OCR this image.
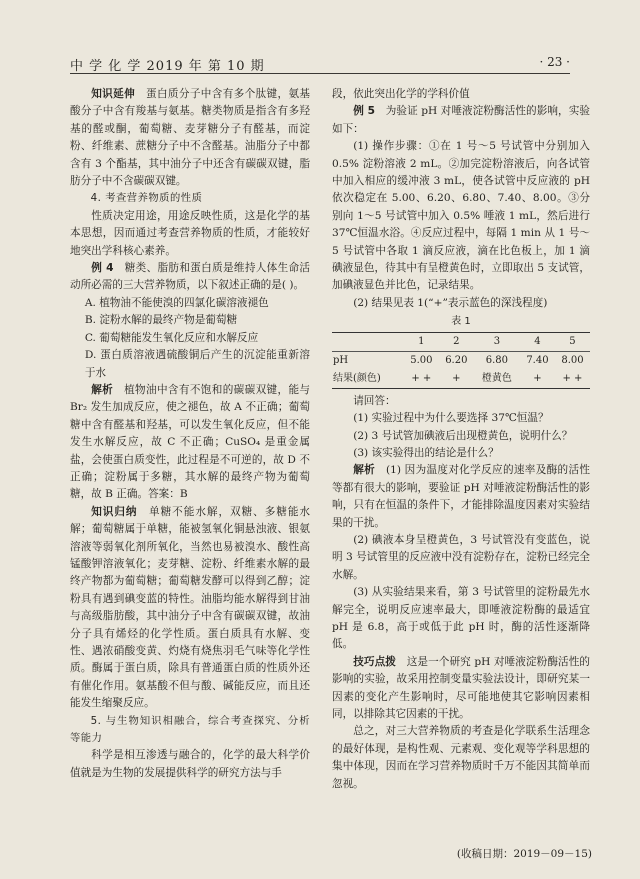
中 学 化 学 2019 年 第 10 期	· 23 ·

知识延伸　 蛋白质分子中含有多个肽键，氨基酸分子中含有羧基与氨基。糖类物质是指含有多羟基的醛或酮，葡萄糖、麦芽糖分子有醛基，而淀粉、纤维素、蔗糖分子中不含醛基。油脂分子中都含有 3 个酯基，其中油分子中还含有碳碳双键，脂肪分子中不含碳碳双键。

4. 考查营养物质的性质

性质决定用途，用途反映性质，这是化学的基本思想，因而通过考查营养物质的性质，才能较好地突出学科核心素养。

例 4　 糖类、脂肪和蛋白质是维持人体生命活动所必需的三大营养物质，以下叙述正确的是( )。

A. 植物油不能使溴的四氯化碳溶液褪色

B. 淀粉水解的最终产物是葡萄糖

C. 葡萄糖能发生氧化反应和水解反应

D. 蛋白质溶液遇硫酸铜后产生的沉淀能重新溶于水

解析　 植物油中含有不饱和的碳碳双键，能与 Br₂ 发生加成反应，使之褪色，故 A 不正确；葡萄糖中含有醛基和羟基，可以发生氧化反应，但不能发生水解反应，故 C 不正确；CuSO₄ 是重金属盐，会使蛋白质变性，此过程是不可逆的，故 D 不正确；淀粉属于多糖，其水解的最终产物为葡萄糖，故 B 正确。答案：B

知识归纳　 单糖不能水解，双糖、多糖能水解；葡萄糖属于单糖，能被氢氧化铜悬浊液、银氨溶液等弱氧化剂所氧化，当然也易被溴水、酸性高锰酸钾溶液氧化；麦芽糖、淀粉、纤维素水解的最终产物都为葡萄糖；葡萄糖发酵可以得到乙醇；淀粉具有遇到碘变蓝的特性。油脂均能水解得到甘油与高级脂肪酸，其中油分子中含有碳碳双键，故油分子具有烯烃的化学性质。蛋白质具有水解、变性、遇浓硝酸变黄、灼烧有烧焦羽毛气味等化学性质。酶属于蛋白质，除具有普通蛋白质的性质外还有催化作用。氨基酸不但与酸、碱能反应，而且还能发生缩聚反应。

5. 与生物知识相融合，综合考查探究、分析等能力

科学是相互渗透与融合的，化学的最大科学价值就是为生物的发展提供科学的研究方法与手

段，依此突出化学的学科价值

例 5　 为验证 pH 对唾液淀粉酶活性的影响，实验如下：

(1) 操作步骤：①在 1 号～5 号试管中分别加入 0.5% 淀粉溶液 2 mL。②加完淀粉溶液后，向各试管中加入相应的缓冲液 3 mL，使各试管中反应液的 pH 依次稳定在 5.00、6.20、6.80、7.40、8.00。③分别向 1～5 号试管中加入 0.5% 唾液 1 mL，然后进行 37℃恒温水浴。④反应过程中，每隔 1 min 从 1 号～5 号试管中各取 1 滴反应液，滴在比色板上，加 1 滴碘液显色，待其中有呈橙黄色时，立即取出 5 支试管，加碘液显色并比色，记录结果。

(2) 结果见表 1(“+”表示蓝色的深浅程度)

表 1
	1	2	3	4	5
pH	5.00	6.20	6.80	7.40	8.00
结果(颜色)	+ +	+	橙黄色	+	+ +

请回答：

(1) 实验过程中为什么要选择 37℃恒温？

(2) 3 号试管加碘液后出现橙黄色，说明什么？

(3) 该实验得出的结论是什么？

解析　 (1) 因为温度对化学反应的速率及酶的活性等都有很大的影响，要验证 pH 对唾液淀粉酶活性的影响，只有在恒温的条件下，才能排除温度因素对实验结果的干扰。

(2) 碘液本身呈橙黄色，3 号试管没有变蓝色，说明 3 号试管里的反应液中没有淀粉存在，淀粉已经完全水解。

(3) 从实验结果来看，第 3 号试管里的淀粉最先水解完全，说明反应速率最大，即唾液淀粉酶的最适宜 pH 是 6.8，高于或低于此 pH 时，酶的活性逐渐降低。

技巧点拨　 这是一个研究 pH 对唾液淀粉酶活性的影响的实验，故采用控制变量实验法设计，即研究某一因素的变化产生影响时，尽可能地使其它影响因素相同，以排除其它因素的干扰。

总之，对三大营养物质的考查是化学联系生活理念的最好体现，是构性观、元素观、变化观等学科思想的集中体现，因而在学习营养物质时千万不能因其简单而忽视。

(收稿日期：2019－09－15)
